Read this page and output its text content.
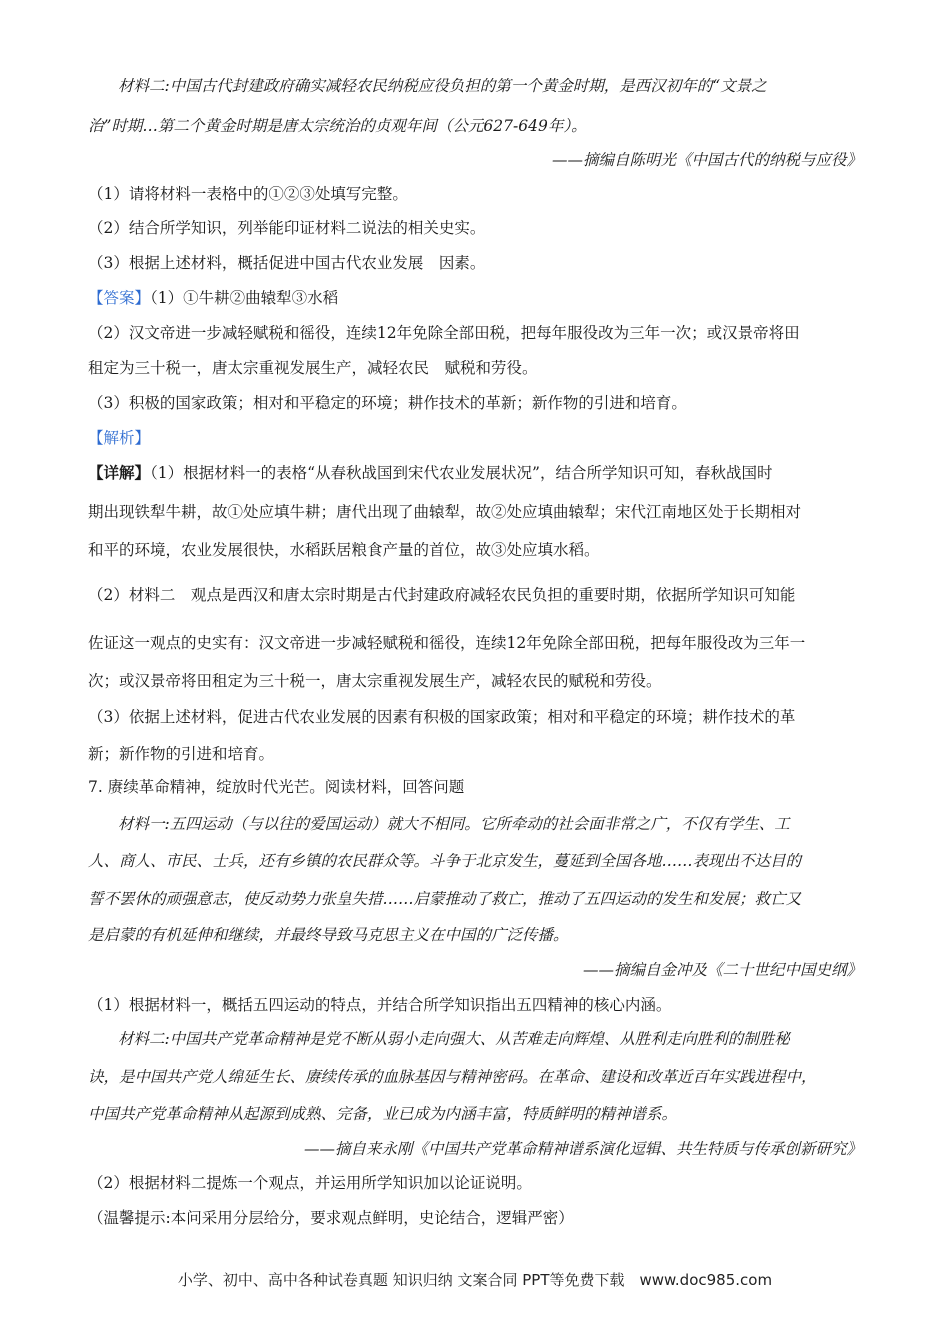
材料二:中国古代封建政府确实减轻农民纳税应役负担的第一个黄金时期，是西汉初年的“文景之
治”时期…第二个黄金时期是唐太宗统治的贞观年间（公元627-649年）。
——摘编自陈明光《中国古代的纳税与应役》
（1）请将材料一表格中的①②③处填写完整。
（2）结合所学知识，列举能印证材料二说法的相关史实。
（3）根据上述材料，概括促进中国古代农业发展　因素。
【答案】（1）①牛耕②曲辕犁③水稻
（2）汉文帝进一步减轻赋税和徭役，连续12年免除全部田税，把每年服役改为三年一次；或汉景帝将田
租定为三十税一，唐太宗重视发展生产，减轻农民　赋税和劳役。
（3）积极的国家政策；相对和平稳定的环境；耕作技术的革新；新作物的引进和培育。
【解析】
【详解】（1）根据材料一的表格“从春秋战国到宋代农业发展状况”，结合所学知识可知，春秋战国时
期出现铁犁牛耕，故①处应填牛耕；唐代出现了曲辕犁，故②处应填曲辕犁；宋代江南地区处于长期相对
和平的环境，农业发展很快，水稻跃居粮食产量的首位，故③处应填水稻。
（2）材料二　观点是西汉和唐太宗时期是古代封建政府减轻农民负担的重要时期，依据所学知识可知能
佐证这一观点的史实有：汉文帝进一步减轻赋税和徭役，连续12年免除全部田税，把每年服役改为三年一
次；或汉景帝将田租定为三十税一，唐太宗重视发展生产，减轻农民的赋税和劳役。
（3）依据上述材料，促进古代农业发展的因素有积极的国家政策；相对和平稳定的环境；耕作技术的革
新；新作物的引进和培育。
7. 赓续革命精神，绽放时代光芒。阅读材料，回答问题
材料一:五四运动（与以往的爱国运动）就大不相同。它所牵动的社会面非常之广，不仅有学生、工
人、商人、市民、士兵，还有乡镇的农民群众等。斗争于北京发生，蔓延到全国各地……表现出不达目的
誓不罢休的顽强意志，使反动势力张皇失措……启蒙推动了救亡，推动了五四运动的发生和发展；救亡又
是启蒙的有机延伸和继续，并最终导致马克思主义在中国的广泛传播。
——摘编自金冲及《二十世纪中国史纲》
（1）根据材料一，概括五四运动的特点，并结合所学知识指出五四精神的核心内涵。
材料二:中国共产党革命精神是党不断从弱小走向强大、从苦难走向辉煌、从胜利走向胜利的制胜秘
诀，是中国共产党人绵延生长、赓续传承的血脉基因与精神密码。在革命、建设和改革近百年实践进程中，
中国共产党革命精神从起源到成熟、完备，业已成为内涵丰富，特质鲜明的精神谱系。
——摘自来永刚《中国共产党革命精神谱系演化逗辑、共生特质与传承创新研究》
（2）根据材料二提炼一个观点，并运用所学知识加以论证说明。
（温馨提示:本问采用分层给分，要求观点鲜明，史论结合，逻辑严密）
小学、初中、高中各种试卷真题 知识归纳 文案合同 PPT等免费下载　www.doc985.com
